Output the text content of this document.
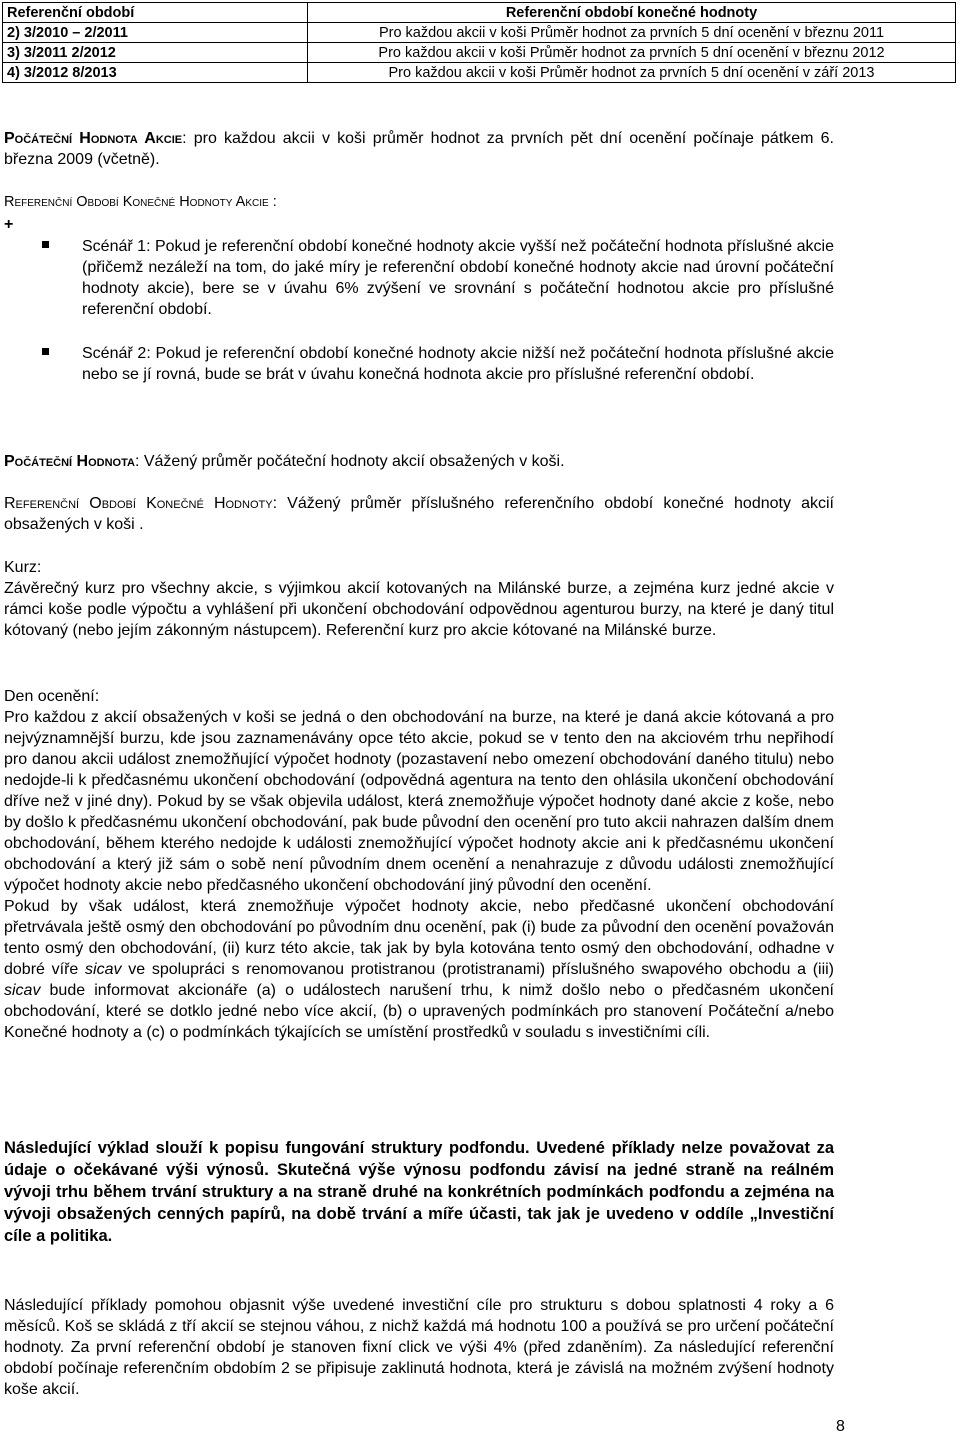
Referenční období	Referenční období konečné hodnoty
2) 3/2010 – 2/2011	Pro každou akcii v koši Průměr hodnot za prvních 5 dní ocenění v březnu 2011
3) 3/2011 2/2012	Pro každou akcii v koši Průměr hodnot za prvních 5 dní ocenění v březnu 2012
4) 3/2012 8/2013	Pro každou akcii v koši Průměr hodnot za prvních 5 dní ocenění v září 2013
Počáteční Hodnota Akcie: pro každou akcii v koši průměr hodnot za prvních pět dní ocenění počínaje pátkem 6. března 2009 (včetně).
Referenční Období Konečné Hodnoty Akcie :
+
Scénář 1: Pokud je referenční období konečné hodnoty akcie vyšší než počáteční hodnota příslušné akcie (přičemž nezáleží na tom, do jaké míry je referenční období konečné hodnoty akcie nad úrovní počáteční hodnoty akcie), bere se v úvahu 6% zvýšení ve srovnání s počáteční hodnotou akcie pro příslušné referenční období.
Scénář 2: Pokud je referenční období konečné hodnoty akcie nižší než počáteční hodnota příslušné akcie nebo se jí rovná, bude se brát v úvahu konečná hodnota akcie pro příslušné referenční období.
Počáteční Hodnota: Vážený průměr počáteční hodnoty akcií obsažených v koši.
Referenční Období Konečné Hodnoty: Vážený průměr příslušného referenčního období konečné hodnoty akcií obsažených v koši .

Kurz:

Závěrečný kurz pro všechny akcie, s výjimkou akcií kotovaných na Milánské burze, a zejména kurz jedné akcie v rámci koše podle výpočtu a vyhlášení při ukončení obchodování odpovědnou agenturou burzy, na které je daný titul kótovaný (nebo jejím zákonným nástupcem). Referenční kurz pro akcie kótované na Milánské burze.

Den ocenění:

Pro každou z akcií obsažených v koši se jedná o den obchodování na burze, na které je daná akcie kótovaná a pro nejvýznamnější burzu, kde jsou zaznamenávány opce této akcie, pokud se v tento den na akciovém trhu nepřihodí pro danou akcii událost znemožňující výpočet hodnoty (pozastavení nebo omezení obchodování daného titulu) nebo nedojde-li k předčasnému ukončení obchodování (odpovědná agentura na tento den ohlásila ukončení obchodování dříve než v jiné dny). Pokud by se však objevila událost, která znemožňuje výpočet hodnoty dané akcie z koše, nebo by došlo k předčasnému ukončení obchodování, pak bude původní den ocenění pro tuto akcii nahrazen dalším dnem obchodování, během kterého nedojde k události znemožňující výpočet hodnoty akcie ani k předčasnému ukončení obchodování a který již sám o sobě není původním dnem ocenění a nenahrazuje z důvodu události znemožňující výpočet hodnoty akcie nebo předčasného ukončení obchodování jiný původní den ocenění.

Pokud by však událost, která znemožňuje výpočet hodnoty akcie, nebo předčasné ukončení obchodování přetrvávala ještě osmý den obchodování po původním dnu ocenění, pak (i) bude za původní den ocenění považován tento osmý den obchodování, (ii) kurz této akcie, tak jak by byla kotována tento osmý den obchodování, odhadne v dobré víře sicav ve spolupráci s renomovanou protistranou (protistranami) příslušného swapového obchodu a (iii) sicav bude informovat akcionáře (a) o událostech narušení trhu, k nimž došlo nebo o předčasném ukončení obchodování, které se dotklo jedné nebo více akcií, (b) o upravených podmínkách pro stanovení Počáteční a/nebo Konečné hodnoty a (c) o podmínkách týkajících se umístění prostředků v souladu s investičními cíli.

Následující výklad slouží k popisu fungování struktury podfondu. Uvedené příklady nelze považovat za údaje o očekávané výši výnosů. Skutečná výše výnosu podfondu závisí na jedné straně na reálném vývoji trhu během trvání struktury a na straně druhé na konkrétních podmínkách podfondu a zejména na vývoji obsažených cenných papírů, na době trvání a míře účasti, tak jak je uvedeno v oddíle „Investiční cíle a politika.
Následující příklady pomohou objasnit výše uvedené investiční cíle pro strukturu s dobou splatnosti 4 roky a 6 měsíců. Koš se skládá z tří akcií se stejnou váhou, z nichž každá má hodnotu 100 a používá se pro určení počáteční hodnoty. Za první referenční období je stanoven fixní click ve výši 4% (před zdaněním). Za následující referenční období počínaje referenčním obdobím 2 se připisuje zaklinutá hodnota, která je závislá na možném zvýšení hodnoty koše akcií.
8
